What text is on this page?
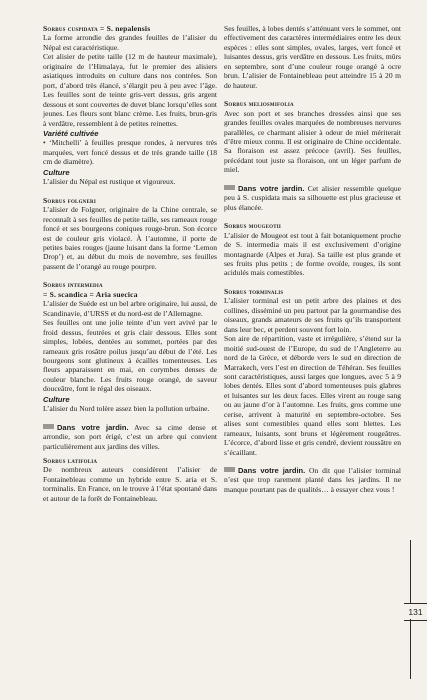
Sorbus cuspidata = S. nepalensis

La forme arrondie des grandes feuilles de l’alisier du Népal est caractéristique.

Cet alisier de petite taille (12 m de hauteur maximale), originaire de l’Himalaya, fut le premier des alisiers asiatiques introduits en culture dans nos contrées. Son port, d’abord très élancé, s’élargit peu à peu avec l’âge. Les feuilles sont de teinte gris-vert dessus, gris argent dessous et sont couvertes de duvet blanc lorsqu’elles sont jeunes. Les fleurs sont blanc crème. Les fruits, brun-gris à verdâtre, ressemblent à de petites reinettes.

Variété cultivée

• ‘Mitchelli’ à feuilles presque rondes, à nervures très marquées, vert foncé dessus et de très grande taille (18 cm de diamètre).

Culture

L’alisier du Népal est rustique et vigoureux.

Sorbus folgneri

L’alisier de Folgner, originaire de la Chine centrale, se reconnaît à ses feuilles de petite taille, ses rameaux rouge foncé et ses bourgeons coniques rouge-brun. Son écorce est de couleur gris violacé. À l’automne, il porte de petites baies rouges (jaune luisant dans la forme ‘Lemon Drop’) et, au début du mois de novembre, ses feuilles passent de l’orangé au rouge pourpre.

Sorbus intermedia

= S. scandica = Aria suecica

L’alisier de Suède est un bel arbre originaire, lui aussi, de Scandinavie, d’URSS et du nord-est de l’Allemagne.

Ses feuilles ont une jolie teinte d’un vert avivé par le froid dessus, feutrées et gris clair dessous. Elles sont simples, lobées, dentées au sommet, portées par des rameaux gris rosâtre poilus jusqu’au début de l’été. Les bourgeons sont glutineux à écailles tomenteuses. Les fleurs apparaissent en mai, en corymbes denses de couleur blanche. Les fruits rouge orangé, de saveur douceâtre, font le régal des oiseaux.

Culture

L’alisier du Nord tolère assez bien la pollution urbaine.

Dans votre jardin. Avec sa cime dense et arrondie, son port érigé, c’est un arbre qui convient particulièrement aux jardins des villes.

Sorbus latifolia

De nombreux auteurs considèrent l’alisier de Fontainebleau comme un hybride entre S. aria et S. torminalis. En France, on le trouve à l’état spontané dans et autour de la forêt de Fontainebleau.

Ses feuilles, à lobes dentés s’atténuant vers le sommet, ont effectivement des caractères intermédiaires entre les deux espèces : elles sont simples, ovales, larges, vert foncé et luisantes dessus, gris verdâtre en dessous. Les fruits, mûrs en septembre, sont d’une couleur rouge orangé à ocre brun. L’alisier de Fontainebleau peut atteindre 15 à 20 m de hauteur.

Sorbus meliosmifolia

Avec son port et ses branches dressées ainsi que ses grandes feuilles ovales marquées de nombreuses nervures parallèles, ce charmant alisier à odeur de miel mériterait d’être mieux connu. Il est originaire de Chine occidentale. Sa floraison est assez précoce (avril). Ses feuilles, précédant tout juste sa floraison, ont un léger parfum de miel.

Dans votre jardin. Cet alisier ressemble quelque peu à S. cuspidata mais sa silhouette est plus gracieuse et plus élancée.

Sorbus mougeotii

L’alisier de Mougeot est tout à fait botaniquement proche de S. intermedia mais il est exclusivement d’origine montagnarde (Alpes et Jura). Sa taille est plus grande et ses fruits plus petits ; de forme ovoïde, rouges, ils sont acidulés mais comestibles.

Sorbus torminalis

L’alisier torminal est un petit arbre des plaines et des collines, disséminé un peu partout par la gourmandise des oiseaux, grands amateurs de ses fruits qu’ils transportent dans leur bec, et perdent souvent fort loin.

Son aire de répartition, vaste et irrégulière, s’étend sur la moitié sud-ouest de l’Europe, du sud de l’Angleterre au nord de la Grèce, et déborde vers le sud en direction de Marrakech, vers l’est en direction de Téhéran. Ses feuilles sont caractéristiques, aussi larges que longues, avec 5 à 9 lobes dentés. Elles sont d’abord tomenteuses puis glabres et luisantes sur les deux faces. Elles virent au rouge sang ou au jaune d’or à l’automne. Les fruits, gros comme une cerise, arrivent à maturité en septembre-octobre. Ses alises sont comestibles quand elles sont blettes. Les rameaux, luisants, sont bruns et légèrement rougeâtres. L’écorce, d’abord lisse et gris cendré, devient roussâtre en s’écaillant.

Dans votre jardin. On dit que l’alisier torminal n’est que trop rarement planté dans les jardins. Il ne manque pourtant pas de qualités… à essayer chez vous !

131
